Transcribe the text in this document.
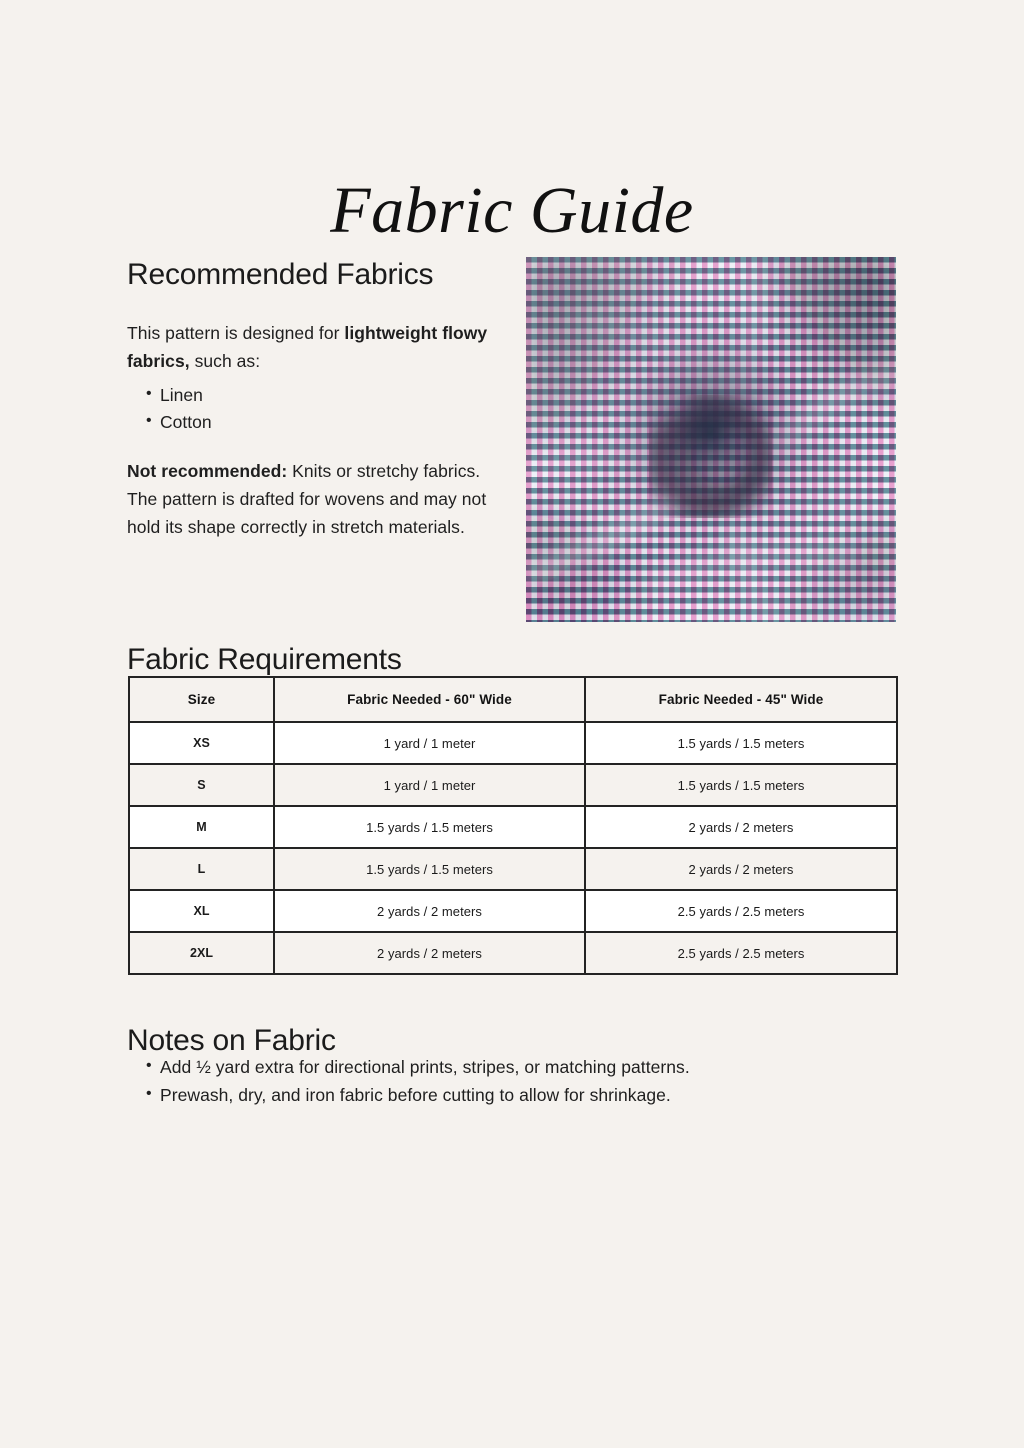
Fabric Guide
Recommended Fabrics

This pattern is designed for lightweight flowy fabrics, such as:

• Linen
• Cotton

Not recommended: Knits or stretchy fabrics. The pattern is drafted for wovens and may not hold its shape correctly in stretch materials.

Fabric Requirements
Size	Fabric Needed - 60" Wide	Fabric Needed - 45" Wide
XS	1 yard / 1 meter	1.5 yards / 1.5 meters
S	1 yard / 1 meter	1.5 yards / 1.5 meters
M	1.5 yards / 1.5 meters	2 yards / 2 meters
L	1.5 yards / 1.5 meters	2 yards / 2 meters
XL	2 yards / 2 meters	2.5 yards / 2.5 meters
2XL	2 yards / 2 meters	2.5 yards / 2.5 meters
Notes on Fabric
• Add ½ yard extra for directional prints, stripes, or matching patterns.
• Prewash, dry, and iron fabric before cutting to allow for shrinkage.
